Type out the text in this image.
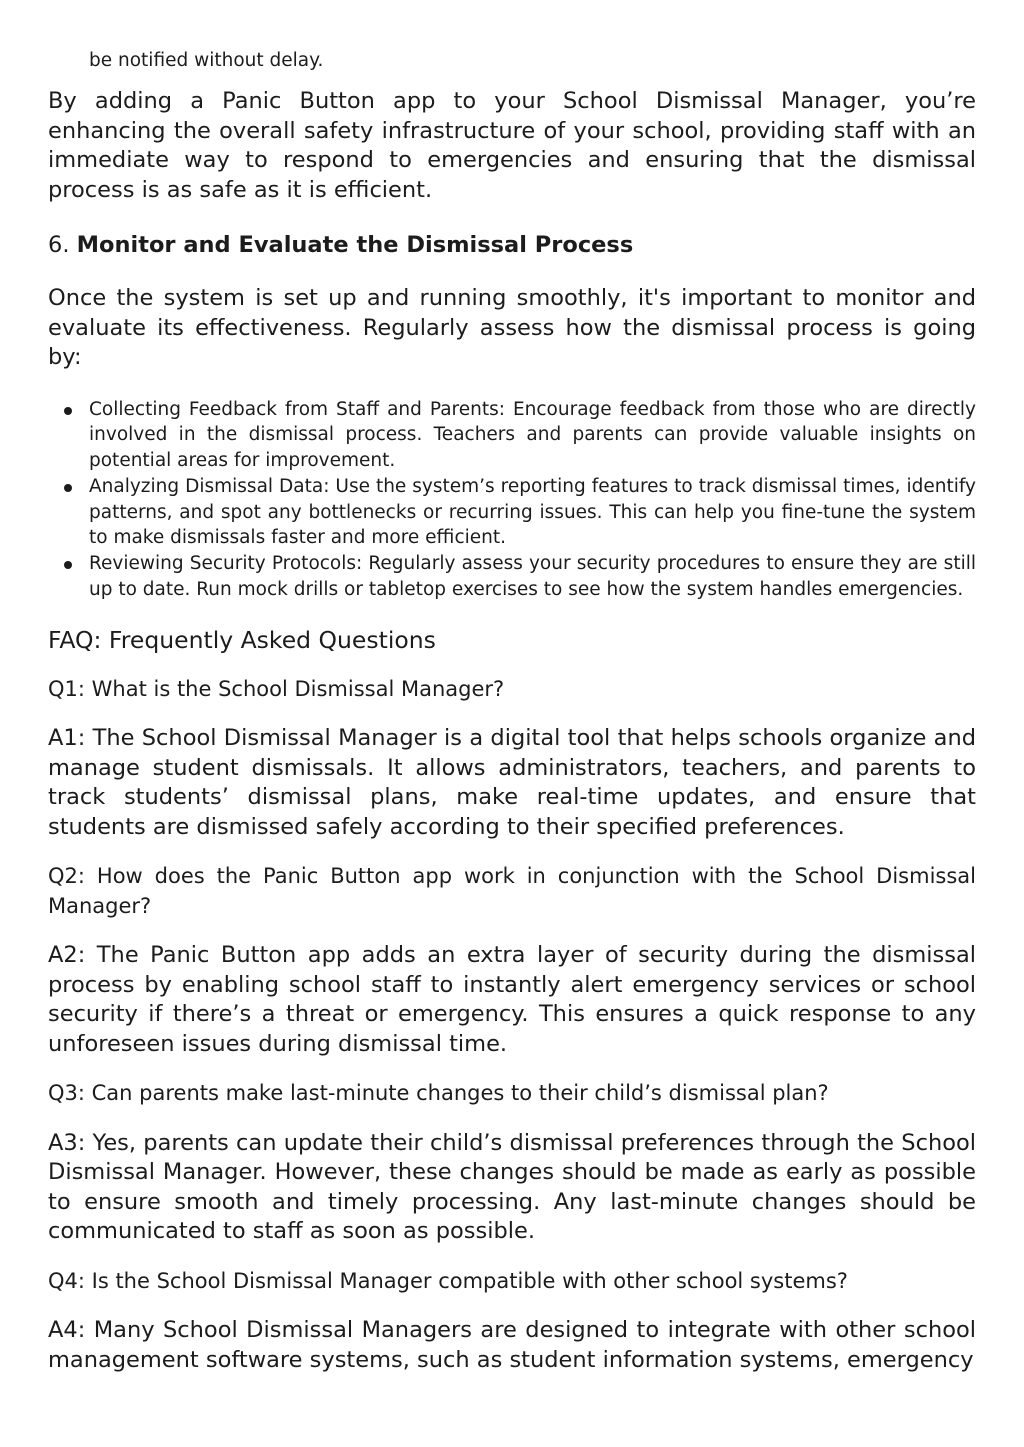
be notified without delay.

By adding a Panic Button app to your School Dismissal Manager, you’re enhancing the overall safety infrastructure of your school, providing staff with an immediate way to respond to emergencies and ensuring that the dismissal process is as safe as it is efficient.

6. Monitor and Evaluate the Dismissal Process

Once the system is set up and running smoothly, it's important to monitor and evaluate its effectiveness. Regularly assess how the dismissal process is going by:

Collecting Feedback from Staff and Parents: Encourage feedback from those who are directly involved in the dismissal process. Teachers and parents can provide valuable insights on potential areas for improvement.
Analyzing Dismissal Data: Use the system’s reporting features to track dismissal times, identify patterns, and spot any bottlenecks or recurring issues. This can help you fine-tune the system to make dismissals faster and more efficient.
Reviewing Security Protocols: Regularly assess your security procedures to ensure they are still up to date. Run mock drills or tabletop exercises to see how the system handles emergencies.
FAQ: Frequently Asked Questions
Q1: What is the School Dismissal Manager?

A1: The School Dismissal Manager is a digital tool that helps schools organize and manage student dismissals. It allows administrators, teachers, and parents to track students’ dismissal plans, make real-time updates, and ensure that students are dismissed safely according to their specified preferences.

Q2: How does the Panic Button app work in conjunction with the School Dismissal Manager?

A2: The Panic Button app adds an extra layer of security during the dismissal process by enabling school staff to instantly alert emergency services or school security if there’s a threat or emergency. This ensures a quick response to any unforeseen issues during dismissal time.

Q3: Can parents make last-minute changes to their child’s dismissal plan?

A3: Yes, parents can update their child’s dismissal preferences through the School Dismissal Manager. However, these changes should be made as early as possible to ensure smooth and timely processing. Any last-minute changes should be communicated to staff as soon as possible.

Q4: Is the School Dismissal Manager compatible with other school systems?

A4: Many School Dismissal Managers are designed to integrate with other school management software systems, such as student information systems, emergency
